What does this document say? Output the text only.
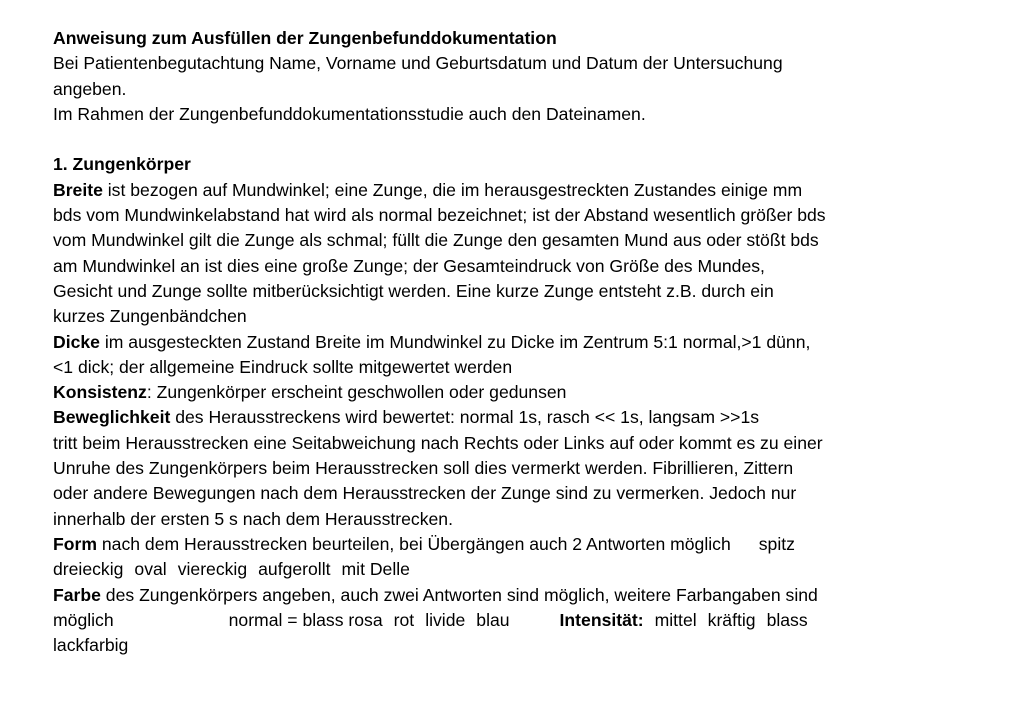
Anweisung zum Ausfüllen der Zungenbefunddokumentation
Bei Patientenbegutachtung Name, Vorname und Geburtsdatum und Datum der Untersuchung
angeben.
Im Rahmen der Zungenbefunddokumentationsstudie auch den Dateinamen.
1. Zungenkörper
Breite ist bezogen auf Mundwinkel; eine Zunge, die im herausgestreckten Zustandes einige mm
bds vom Mundwinkelabstand hat wird als normal bezeichnet; ist der Abstand wesentlich größer bds
vom Mundwinkel gilt die Zunge als schmal; füllt die Zunge den gesamten Mund aus oder stößt bds
am Mundwinkel an ist dies eine große Zunge; der Gesamteindruck von Größe des Mundes,
Gesicht und Zunge sollte mitberücksichtigt werden. Eine kurze Zunge entsteht z.B. durch ein
kurzes Zungenbändchen
Dicke im ausgesteckten Zustand Breite im Mundwinkel zu Dicke im Zentrum 5:1 normal,>1 dünn,
<1 dick; der allgemeine Eindruck sollte mitgewertet werden
Konsistenz: Zungenkörper erscheint geschwollen oder gedunsen
Beweglichkeit des Herausstreckens wird bewertet: normal 1s, rasch << 1s, langsam >>1s
tritt beim Herausstrecken eine Seitabweichung nach Rechts oder Links auf oder kommt es zu einer
Unruhe des Zungenkörpers beim Herausstrecken soll dies vermerkt werden. Fibrillieren, Zittern
oder andere Bewegungen nach dem Herausstrecken der Zunge sind zu vermerken. Jedoch nur
innerhalb der ersten 5 s nach dem Herausstrecken.
Form nach dem Herausstrecken beurteilen, bei Übergängen auch 2 Antworten möglich spitz
dreieckig oval viereckig aufgerollt mit Delle
Farbe des Zungenkörpers angeben, auch zwei Antworten sind möglich, weitere Farbangaben sind
möglich	normal = blass rosa rot livide blau	Intensität: mittel kräftig blass
lackfarbig
